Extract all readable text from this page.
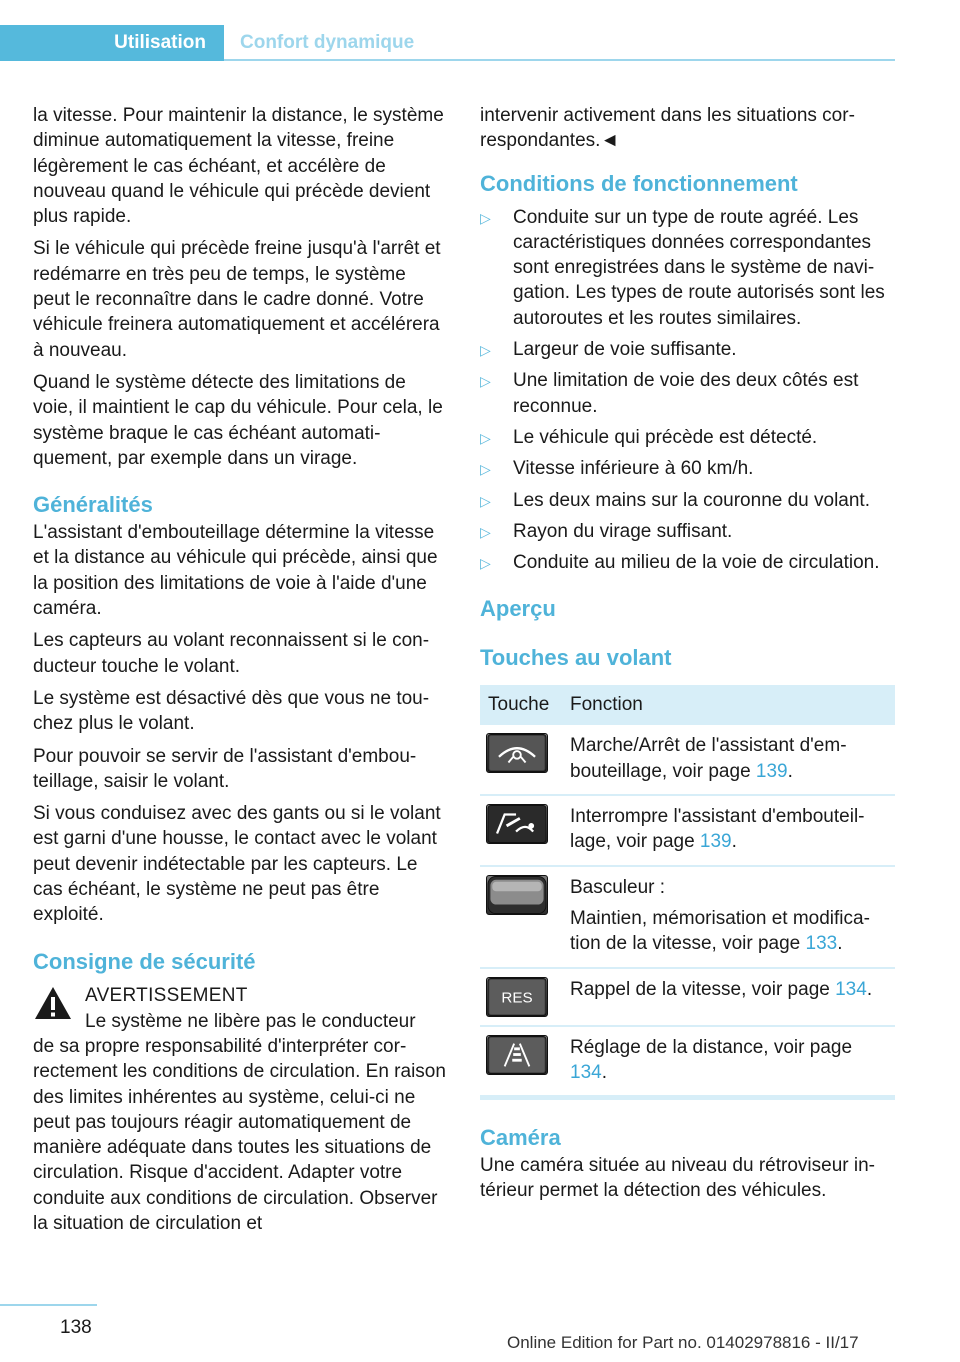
Utilisation	Confort dynamique

la vitesse. Pour maintenir la distance, le système diminue automatiquement la vitesse, freine légèrement le cas échéant, et accélère de nouveau quand le véhicule qui précède devient plus rapide.

Si le véhicule qui précède freine jusqu'à l'arrêt et redémarre en très peu de temps, le système peut le reconnaître dans le cadre donné. Votre véhicule freinera automatiquement et accélérera à nouveau.

Quand le système détecte des limitations de voie, il maintient le cap du véhicule. Pour cela, le système braque le cas échéant automatiquement, par exemple dans un virage.

Généralités

L'assistant d'embouteillage détermine la vitesse et la distance au véhicule qui précède, ainsi que la position des limitations de voie à l'aide d'une caméra.

Les capteurs au volant reconnaissent si le conducteur touche le volant.

Le système est désactivé dès que vous ne touchez plus le volant.

Pour pouvoir se servir de l'assistant d'embouteillage, saisir le volant.

Si vous conduisez avec des gants ou si le volant est garni d'une housse, le contact avec le volant peut devenir indétectable par les capteurs. Le cas échéant, le système ne peut pas être exploité.

Consigne de sécurité

AVERTISSEMENT

Le système ne libère pas le conducteur

de sa propre responsabilité d'interpréter correctement les conditions de circulation. En raison des limites inhérentes au système, celui-ci ne peut pas toujours réagir automatiquement de manière adéquate dans toutes les situations de circulation. Risque d'accident. Adapter votre conduite aux conditions de circulation. Observer la situation de circulation et

intervenir activement dans les situations correspondantes.◄

Conditions de fonctionnement
▷ Conduite sur un type de route agréé. Les caractéristiques données correspondantes sont enregistrées dans le système de navigation. Les types de route autorisés sont les autoroutes et les routes similaires.
▷ Largeur de voie suffisante.
▷ Une limitation de voie des deux côtés est reconnue.
▷ Le véhicule qui précède est détecté.
▷ Vitesse inférieure à 60 km/h.
▷ Les deux mains sur la couronne du volant.
▷ Rayon du virage suffisant.
▷ Conduite au milieu de la voie de circulation.
Aperçu
Touches au volant
Touche	Fonction

	Marche/Arrêt de l'assistant d'embouteillage, voir page 139.

	Interrompre l'assistant d'embouteillage, voir page 139.

Basculeur :

Maintien, mémorisation et modification de la vitesse, voir page 133.

RES	Rappel de la vitesse, voir page 134.

	Réglage de la distance, voir page 134.
Caméra

Une caméra située au niveau du rétroviseur intérieur permet la détection des véhicules.

138
Online Edition for Part no. 01402978816 - II/17
